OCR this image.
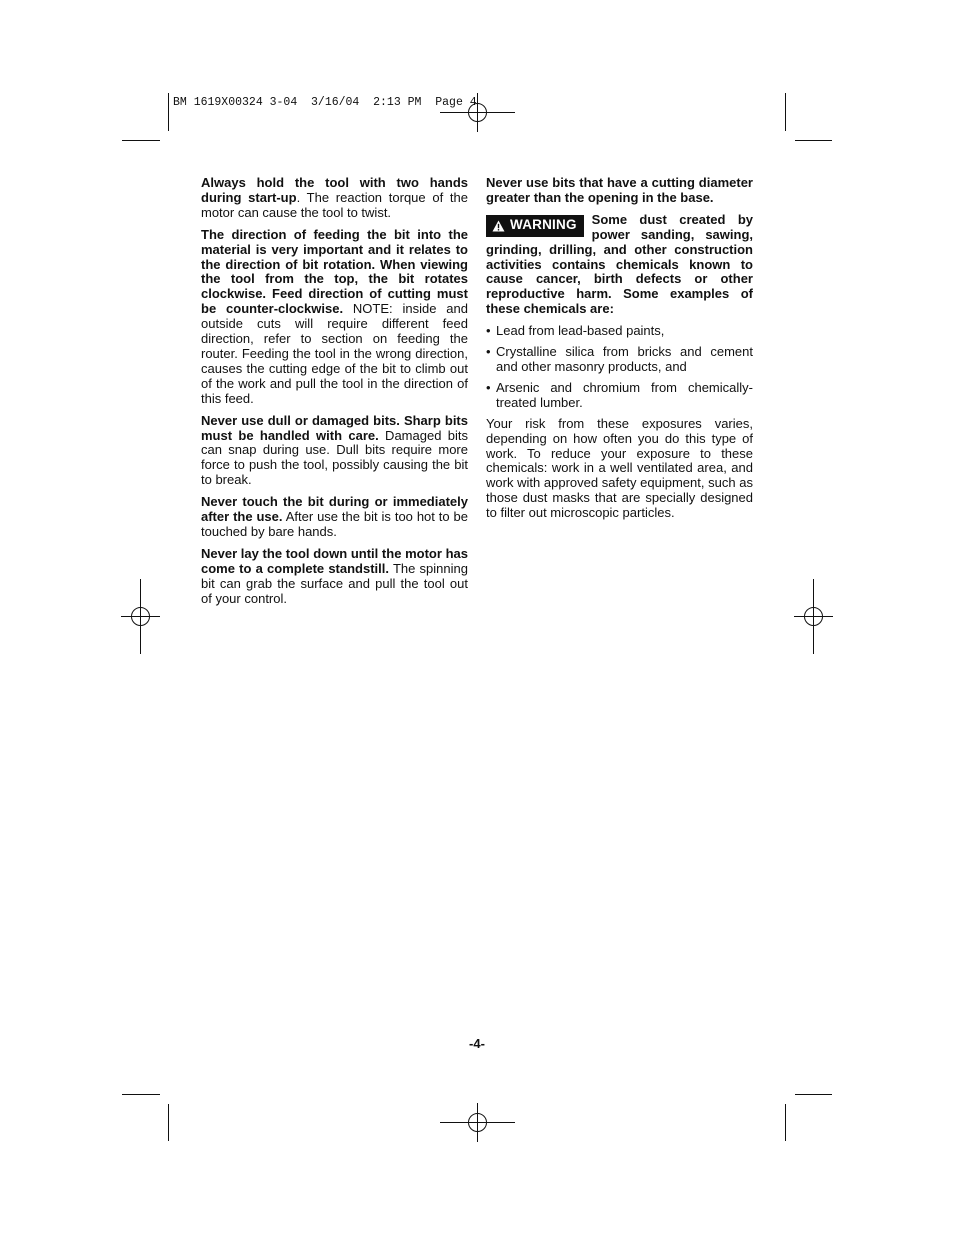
BM 1619X00324 3-04  3/16/04  2:13 PM  Page 4

Always hold the tool with two hands during start-up. The reaction torque of the motor can cause the tool to twist.

The direction of feeding the bit into the material is very important and it relates to the direction of bit rotation. When viewing the tool from the top, the bit rotates clockwise. Feed direction of cutting must be counter-clockwise. NOTE: inside and outside cuts will require different feed direction, refer to section on feeding the router. Feeding the tool in the wrong direction, causes the cutting edge of the bit to climb out of the work and pull the tool in the direction of this feed.

Never use dull or damaged bits. Sharp bits must be handled with care. Damaged bits can snap during use. Dull bits require more force to push the tool, possibly causing the bit to break.

Never touch the bit during or immediately after the use. After use the bit is too hot to be touched by bare hands.

Never lay the tool down until the motor has come to a complete standstill. The spinning bit can grab the surface and pull the tool out of your control.

Never use bits that have a cutting diameter greater than the opening in the base.

WARNING Some dust created by power sanding, sawing, grinding, drilling, and other construction activities contains chemicals known to cause cancer, birth defects or other reproductive harm. Some examples of these chemicals are:

• Lead from lead-based paints,
• Crystalline silica from bricks and cement and other masonry products, and
• Arsenic and chromium from chemically-treated lumber.

Your risk from these exposures varies, depending on how often you do this type of work. To reduce your exposure to these chemicals: work in a well ventilated area, and work with approved safety equipment, such as those dust masks that are specially designed to filter out microscopic particles.

-4-
